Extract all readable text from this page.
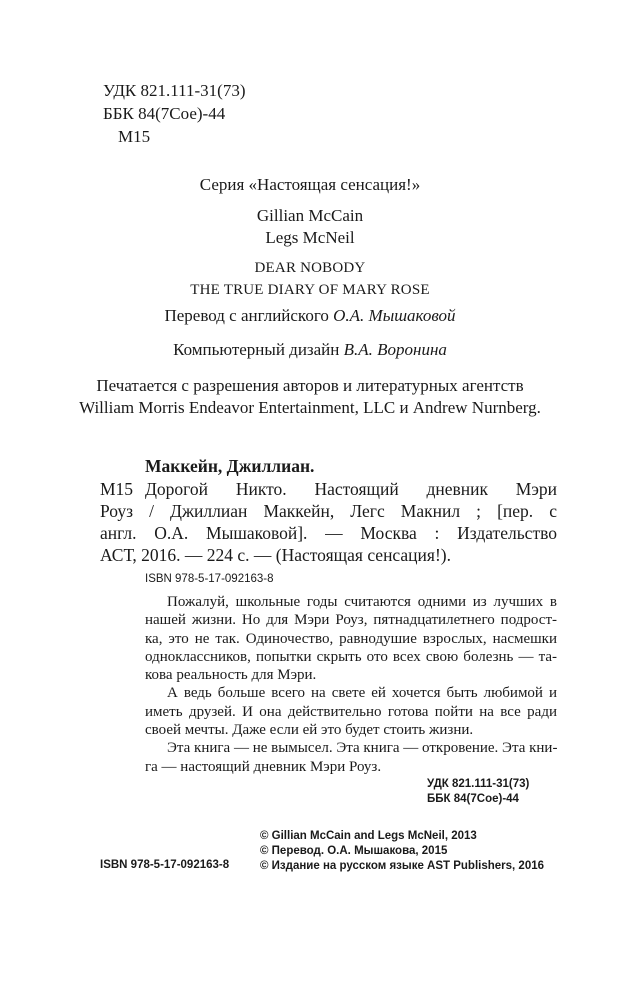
УДК 821.111-31(73)
ББК 84(7Сое)-44
М15
Серия «Настоящая сенсация!»
Gillian McCain
Legs McNeil
DEAR NOBODY
THE TRUE DIARY OF MARY ROSE
Перевод с английского О.А. Мышаковой
Компьютерный дизайн В.А. Воронина
Печатается с разрешения авторов и литературных агентств
William Morris Endeavor Entertainment, LLC и Andrew Nurnberg.
Маккейн, Джиллиан.
М15 Дорогой Никто. Настоящий дневник Мэри
Роуз / Джиллиан Маккейн, Легс Макнил ; [пер. с
англ. О.А. Мышаковой]. — Москва : Издательство
АСТ, 2016. — 224 с. — (Настоящая сенсация!).
ISBN 978-5-17-092163-8
Пожалуй, школьные годы считаются одними из лучших в
нашей жизни. Но для Мэри Роуз, пятнадцатилетнего подрост-
ка, это не так. Одиночество, равнодушие взрослых, насмешки
одноклассников, попытки скрыть ото всех свою болезнь — та-
кова реальность для Мэри.
А ведь больше всего на свете ей хочется быть любимой и
иметь друзей. И она действительно готова пойти на все ради
своей мечты. Даже если ей это будет стоить жизни.
Эта книга — не вымысел. Эта книга — откровение. Эта кни-
га — настоящий дневник Мэри Роуз.
УДК 821.111-31(73)
ББК 84(7Сое)-44
© Gillian McCain and Legs McNeil, 2013
© Перевод. О.А. Мышакова, 2015
© Издание на русском языке AST Publishers, 2016
ISBN 978-5-17-092163-8
